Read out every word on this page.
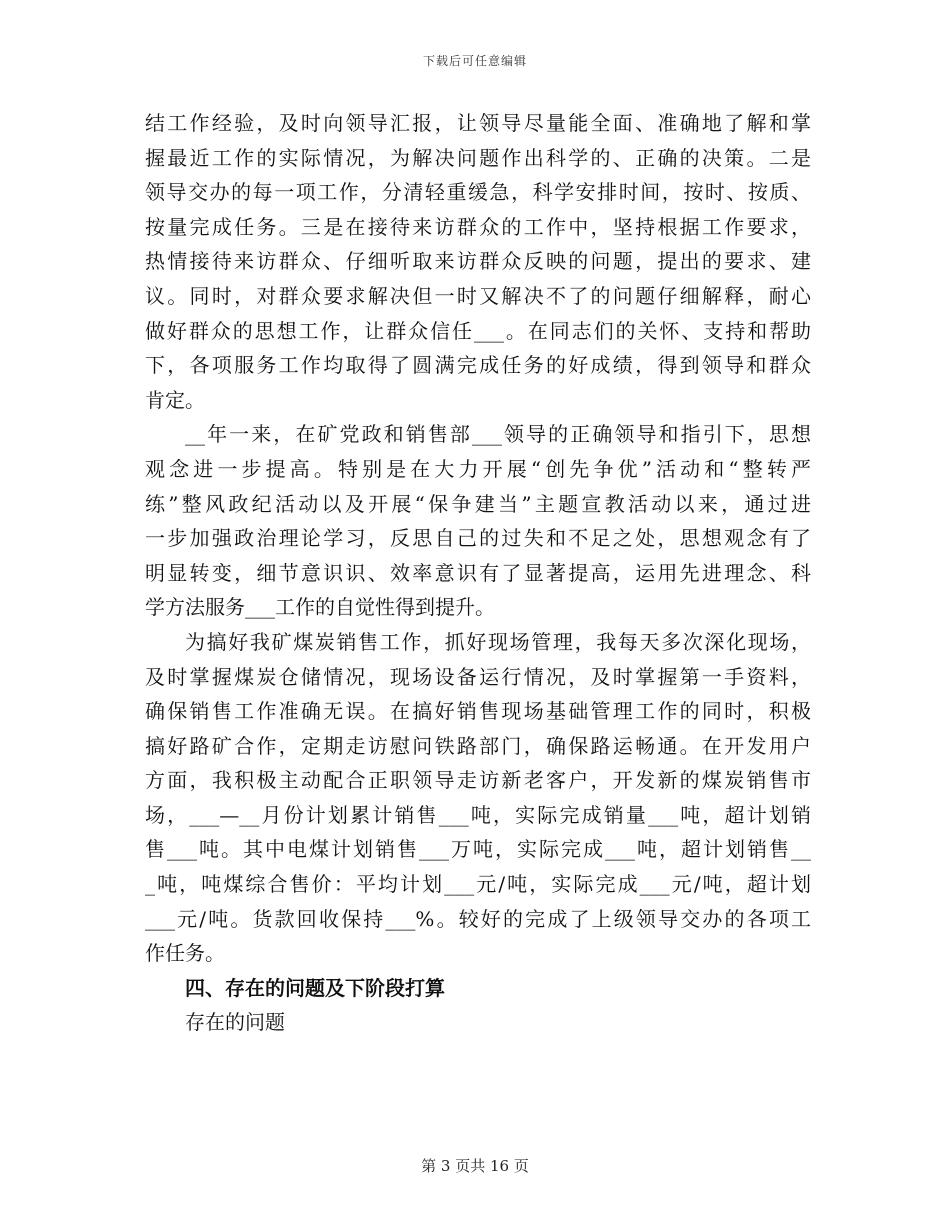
下载后可任意编辑
结工作经验，及时向领导汇报，让领导尽量能全面、准确地了解和掌
握最近工作的实际情况，为解决问题作出科学的、正确的决策。二是
领导交办的每一项工作，分清轻重缓急，科学安排时间，按时、按质、
按量完成任务。三是在接待来访群众的工作中，坚持根据工作要求，
热情接待来访群众、仔细听取来访群众反映的问题，提出的要求、建
议。同时，对群众要求解决但一时又解决不了的问题仔细解释，耐心
做好群众的思想工作，让群众信任___。在同志们的关怀、支持和帮助
下，各项服务工作均取得了圆满完成任务的好成绩，得到领导和群众
肯定。
__年一来，在矿党政和销售部___领导的正确领导和指引下，思想
观念进一步提高。特别是在大力开展“创先争优”活动和“整转严
练”整风政纪活动以及开展“保争建当”主题宣教活动以来，通过进
一步加强政治理论学习，反思自己的过失和不足之处，思想观念有了
明显转变，细节意识识、效率意识有了显著提高，运用先进理念、科
学方法服务___工作的自觉性得到提升。
为搞好我矿煤炭销售工作，抓好现场管理，我每天多次深化现场，
及时掌握煤炭仓储情况，现场设备运行情况，及时掌握第一手资料，
确保销售工作准确无误。在搞好销售现场基础管理工作的同时，积极
搞好路矿合作，定期走访慰问铁路部门，确保路运畅通。在开发用户
方面，我积极主动配合正职领导走访新老客户，开发新的煤炭销售市
场，___—__月份计划累计销售___吨，实际完成销量___吨，超计划销
售___吨。其中电煤计划销售___万吨，实际完成___吨，超计划销售__
_吨，吨煤综合售价：平均计划___元/吨，实际完成___元/吨，超计划
___元/吨。货款回收保持___%。较好的完成了上级领导交办的各项工
作任务。
四、存在的问题及下阶段打算
存在的问题
第 3 页共 16 页
